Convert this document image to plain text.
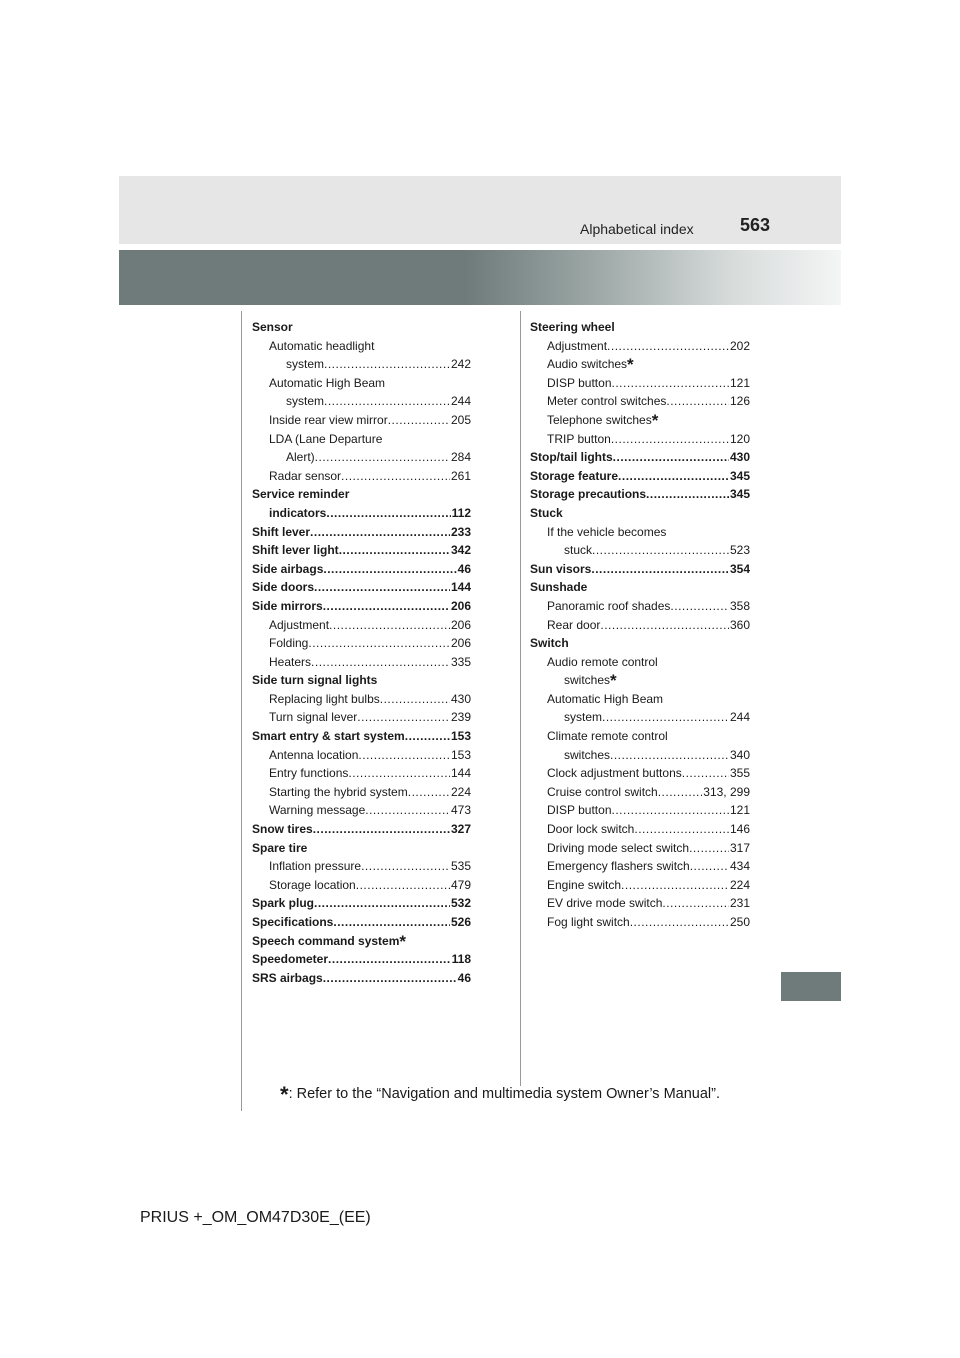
Alphabetical index	563
Sensor
Automatic headlight
system .....	242
Automatic High Beam
system .....	244
Inside rear view mirror .....	205
LDA (Lane Departure
Alert) .....	284
Radar sensor .....	261
Service reminder
indicators .....	112
Shift lever .....	233
Shift lever light .....	342
Side airbags .....	46
Side doors .....	144
Side mirrors .....	206
Adjustment .....	206
Folding .....	206
Heaters .....	335
Side turn signal lights
Replacing light bulbs .....	430
Turn signal lever .....	239
Smart entry & start system .....	153
Antenna location .....	153
Entry functions .....	144
Starting the hybrid system .....	224
Warning message .....	473
Snow tires .....	327
Spare tire
Inflation pressure .....	535
Storage location .....	479
Spark plug .....	532
Specifications .....	526
Speech command system*
Speedometer .....	118
SRS airbags .....	46
Steering wheel
Adjustment .....	202
Audio switches*
DISP button .....	121
Meter control switches .....	126
Telephone switches*
TRIP button .....	120
Stop/tail lights .....	430
Storage feature .....	345
Storage precautions .....	345
Stuck
If the vehicle becomes
stuck .....	523
Sun visors .....	354
Sunshade
Panoramic roof shades .....	358
Rear door .....	360
Switch
Audio remote control
switches*
Automatic High Beam
system .....	244
Climate remote control
switches .....	340
Clock adjustment buttons .....	355
Cruise control switch .....	313, 299
DISP button .....	121
Door lock switch .....	146
Driving mode select switch .....	317
Emergency flashers switch .....	434
Engine switch .....	224
EV drive mode switch .....	231
Fog light switch .....	250
*: Refer to the “Navigation and multimedia system Owner’s Manual”.
PRIUS +_OM_OM47D30E_(EE)
